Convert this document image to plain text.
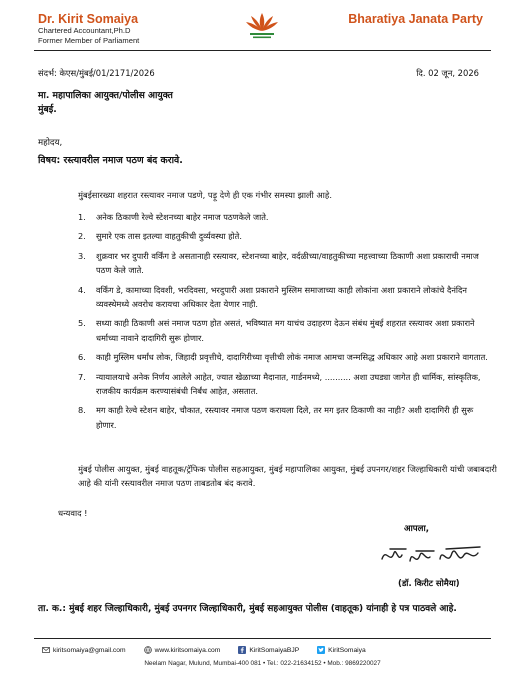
Dr. Kirit Somaiya
Chartered Accountant,Ph.D
Former Member of Parliament
Bharatiya Janata Party
संदर्भ: केएस/मुंबई/01/2171/2026	दि. 02 जून, 2026
मा. महापालिका आयुक्त/पोलीस आयुक्त
मुंबई.
महोदय,
विषय: रस्त्यावरील नमाज पठण बंद करावे.
मुंबईसारख्या शहरात रस्त्यावर नमाज पडणे, पड़ू देणे ही एक गंभीर समस्या झाली आहे.
1. अनेक ठिकाणी रेल्वे स्टेशनच्या बाहेर नमाज पठणकेले जाते.
2. सुमारे एक तास इतल्या वाहतुकीची दुर्व्यवस्था होते.
3. शुक्रवार भर दुपारी वर्किंग डे असतानाही रस्त्यावर, स्टेशनच्या बाहेर, वर्दळीच्या/वाहतुकीच्या महत्त्वाच्या ठिकाणी अशा प्रकाराची नमाज पठण केले जाते.
4. वर्किंग डे, कामाच्या दिवशी, भरदिवसा, भरदुपारी अशा प्रकाराने मुस्लिम समाजाच्या काही लोकांना अशा प्रकाराने लोकांचे दैनंदिन व्यवस्थेमध्ये अवरोध करायचा अधिकार देता येणार नाही.
5. सध्या काही ठिकाणी असं नमाज पठण होत असतं, भविष्यात मग याचंच उदाहरण देऊन संबंध मुंबई शहरात रस्त्यावर अशा प्रकाराने धर्माच्या नावाने दादागिरी सुरू होणार.
6. काही मुस्लिम धर्मांध लोक, जिहादी प्रवृत्तीचे, दादागिरीच्या वृत्तीची लोकं नमाज आमचा जन्मसिद्ध अधिकार आहे अशा प्रकाराने वागतात.
7. न्यायालयाचे अनेक निर्णय आलेले आहेत, ज्यात खेळाच्या मैदानात, गार्डनमध्ये, .......... अशा उघड्या जागेत ही धार्मिक, सांस्कृतिक, राजकीय कार्यक्रम करण्यासंबंधी निर्बंध आहेत, असतात.
8. मग काही रेल्वे स्टेशन बाहेर, चौकात, रस्त्यावर नमाज पठण करायला दिले, तर मग इतर ठिकाणी का नाही? अशी दादागिरी ही सुरू होणार.
मुंबई पोलीस आयुक्त, मुंबई वाहतूक/ट्रॅफिक पोलीस सहआयुक्त, मुंबई महापालिका आयुक्त, मुंबई उपनगर/शहर जिल्हाधिकारी यांची जबाबदारी आहे की यांनी रस्त्यावरील नमाज पठण ताबडतोब बंद करावे.
धन्यवाद !
आपला,
(डॉ. किरीट सोमैया)
ता. क.: मुंबई शहर जिल्हाधिकारी, मुंबई उपनगर जिल्हाधिकारी, मुंबई सहआयुक्त पोलीस (वाहतूक) यांनाही हे पत्र पाठवले आहे.
kiritsomaiya@gmail.com	www.kiritsomaiya.com	KiritSomaiyaBJP	KiritSomaiya
Neelam Nagar, Mulund, Mumbai-400 081 • Tel.: 022-21634152 • Mob.: 9869220027
